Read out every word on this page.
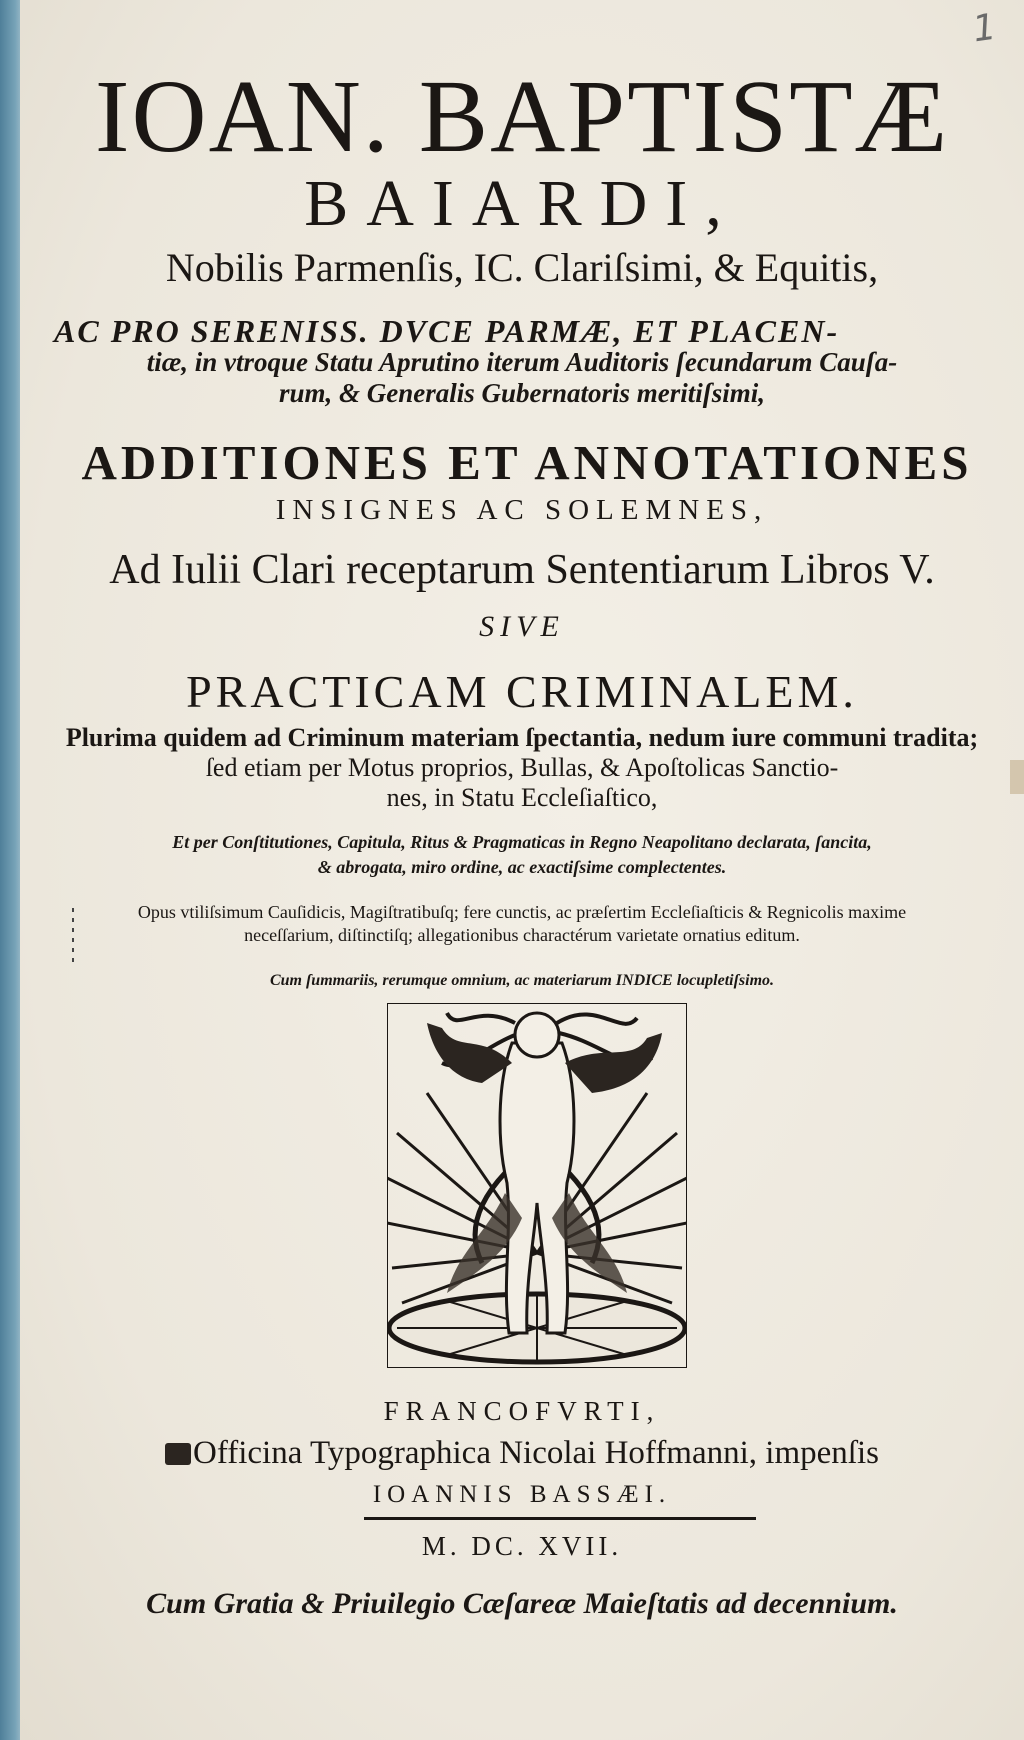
1
IOAN. BAPTISTÆ
BAIARDI,
Nobilis Parmenſis, IC. Clariſsimi, & Equitis,
AC PRO SERENISS. DVCE PARMÆ, ET PLACEN-
tiæ, in vtroque Statu Aprutino iterum Auditoris ſecundarum Cauſa-
rum, & Generalis Gubernatoris meritiſsimi,
ADDITIONES ET ANNOTATIONES
INSIGNES AC SOLEMNES,
Ad Iulii Clari receptarum Sententiarum Libros V.
SIVE
PRACTICAM CRIMINALEM.
Plurima quidem ad Criminum materiam ſpectantia, nedum iure communi tradita;
ſed etiam per Motus proprios, Bullas, & Apoſtolicas Sanctio-
nes, in Statu Eccleſiaſtico,
Et per Conſtitutiones, Capitula, Ritus & Pragmaticas in Regno Neapolitano declarata, ſancita,
& abrogata, miro ordine, ac exactiſsime complectentes.
Opus vtiliſsimum Cauſidicis, Magiſtratibuſq; fere cunctis, ac præſertim Eccleſiaſticis & Regnicolis maxime
neceſſarium, diſtinctiſq; allegationibus charactérum varietate ornatius editum.
Cum ſummariis, rerumque omnium, ac materiarum INDICE locupletiſsimo.
FRANCOFVRTI,
Officina Typographica Nicolai Hoffmanni, impenſis
IOANNIS BASSÆI.
M. DC. XVII.
Cum Gratia & Priuilegio Cæſareæ Maieſtatis ad decennium.
